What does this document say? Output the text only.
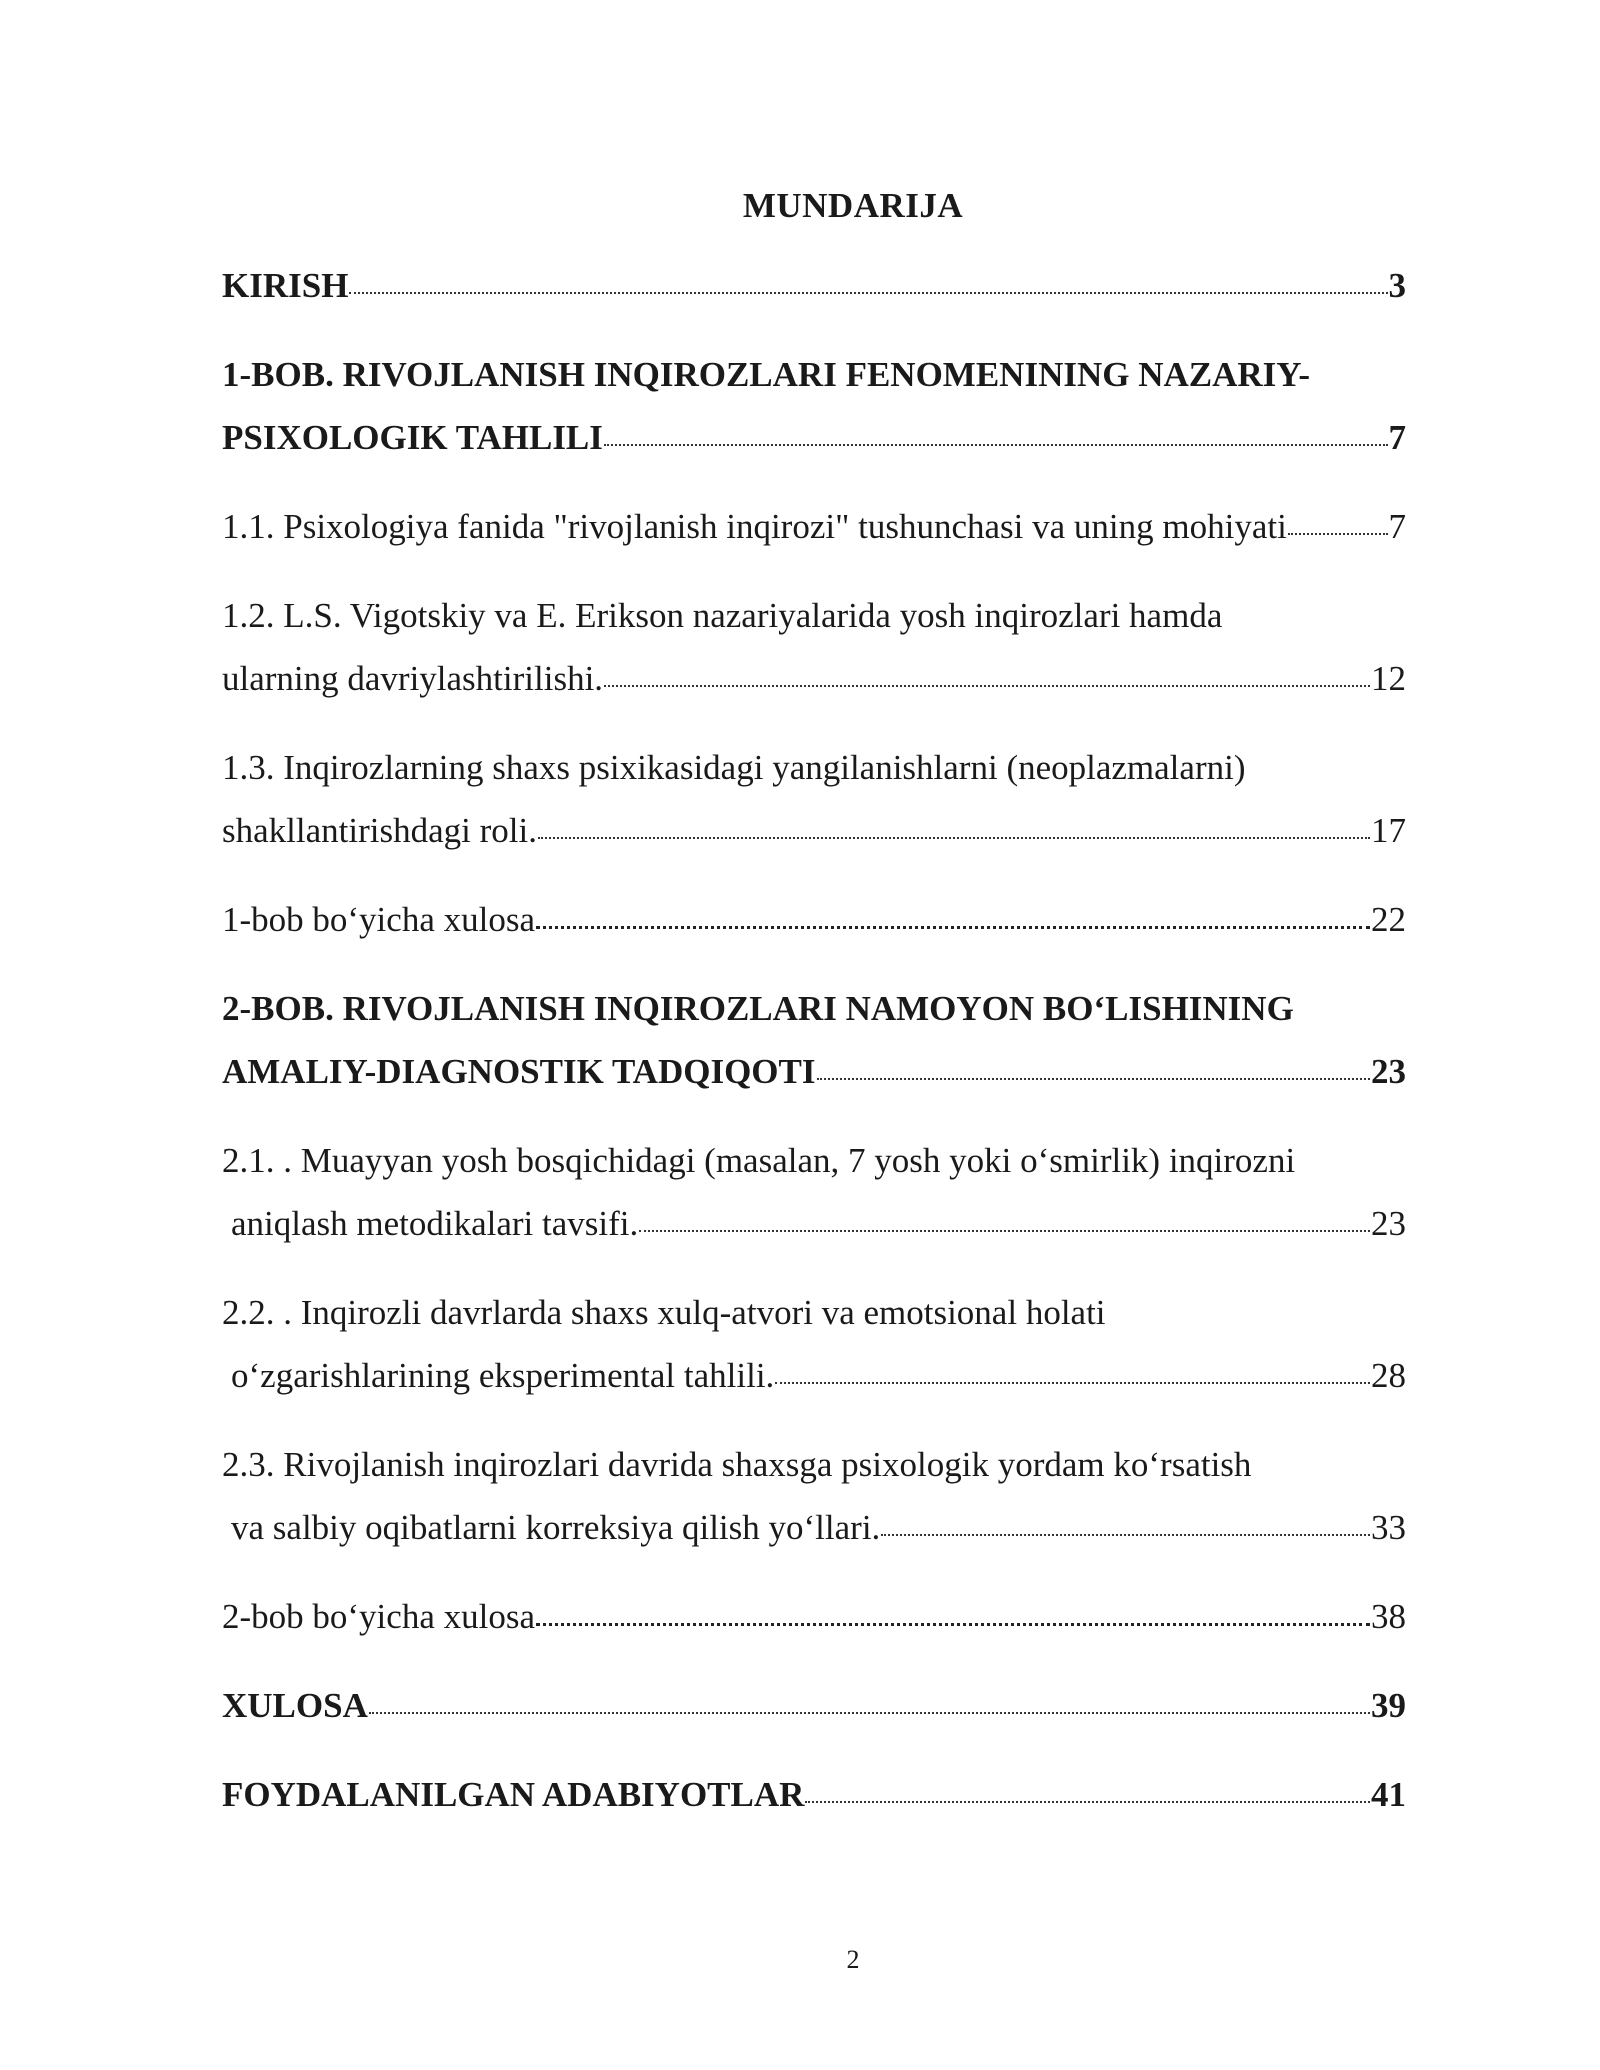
MUNDARIJA
KIRISH	3
1-BOB. RIVOJLANISH INQIROZLARI FENOMENINING NAZARIY-
PSIXOLOGIK TAHLILI	7
1.1. Psixologiya fanida "rivojlanish inqirozi" tushunchasi va uning mohiyati	7
1.2. L.S. Vigotskiy va E. Erikson nazariyalarida yosh inqirozlari hamda
ularning davriylashtirilishi.	12
1.3. Inqirozlarning shaxs psixikasidagi yangilanishlarni (neoplazmalarni)
shakllantirishdagi roli.	17
1-bob bo‘yicha xulosa	22
2-BOB. RIVOJLANISH INQIROZLARI NAMOYON BO‘LISHINING
AMALIY-DIAGNOSTIK TADQIQOTI	23
2.1. . Muayyan yosh bosqichidagi (masalan, 7 yosh yoki o‘smirlik) inqirozni
aniqlash metodikalari tavsifi.	23
2.2. . Inqirozli davrlarda shaxs xulq-atvori va emotsional holati
o‘zgarishlarining eksperimental tahlili.	28
2.3. Rivojlanish inqirozlari davrida shaxsga psixologik yordam ko‘rsatish
va salbiy oqibatlarni korreksiya qilish yo‘llari.	33
2-bob bo‘yicha xulosa	38
XULOSA	39
FOYDALANILGAN ADABIYOTLAR	41
2
